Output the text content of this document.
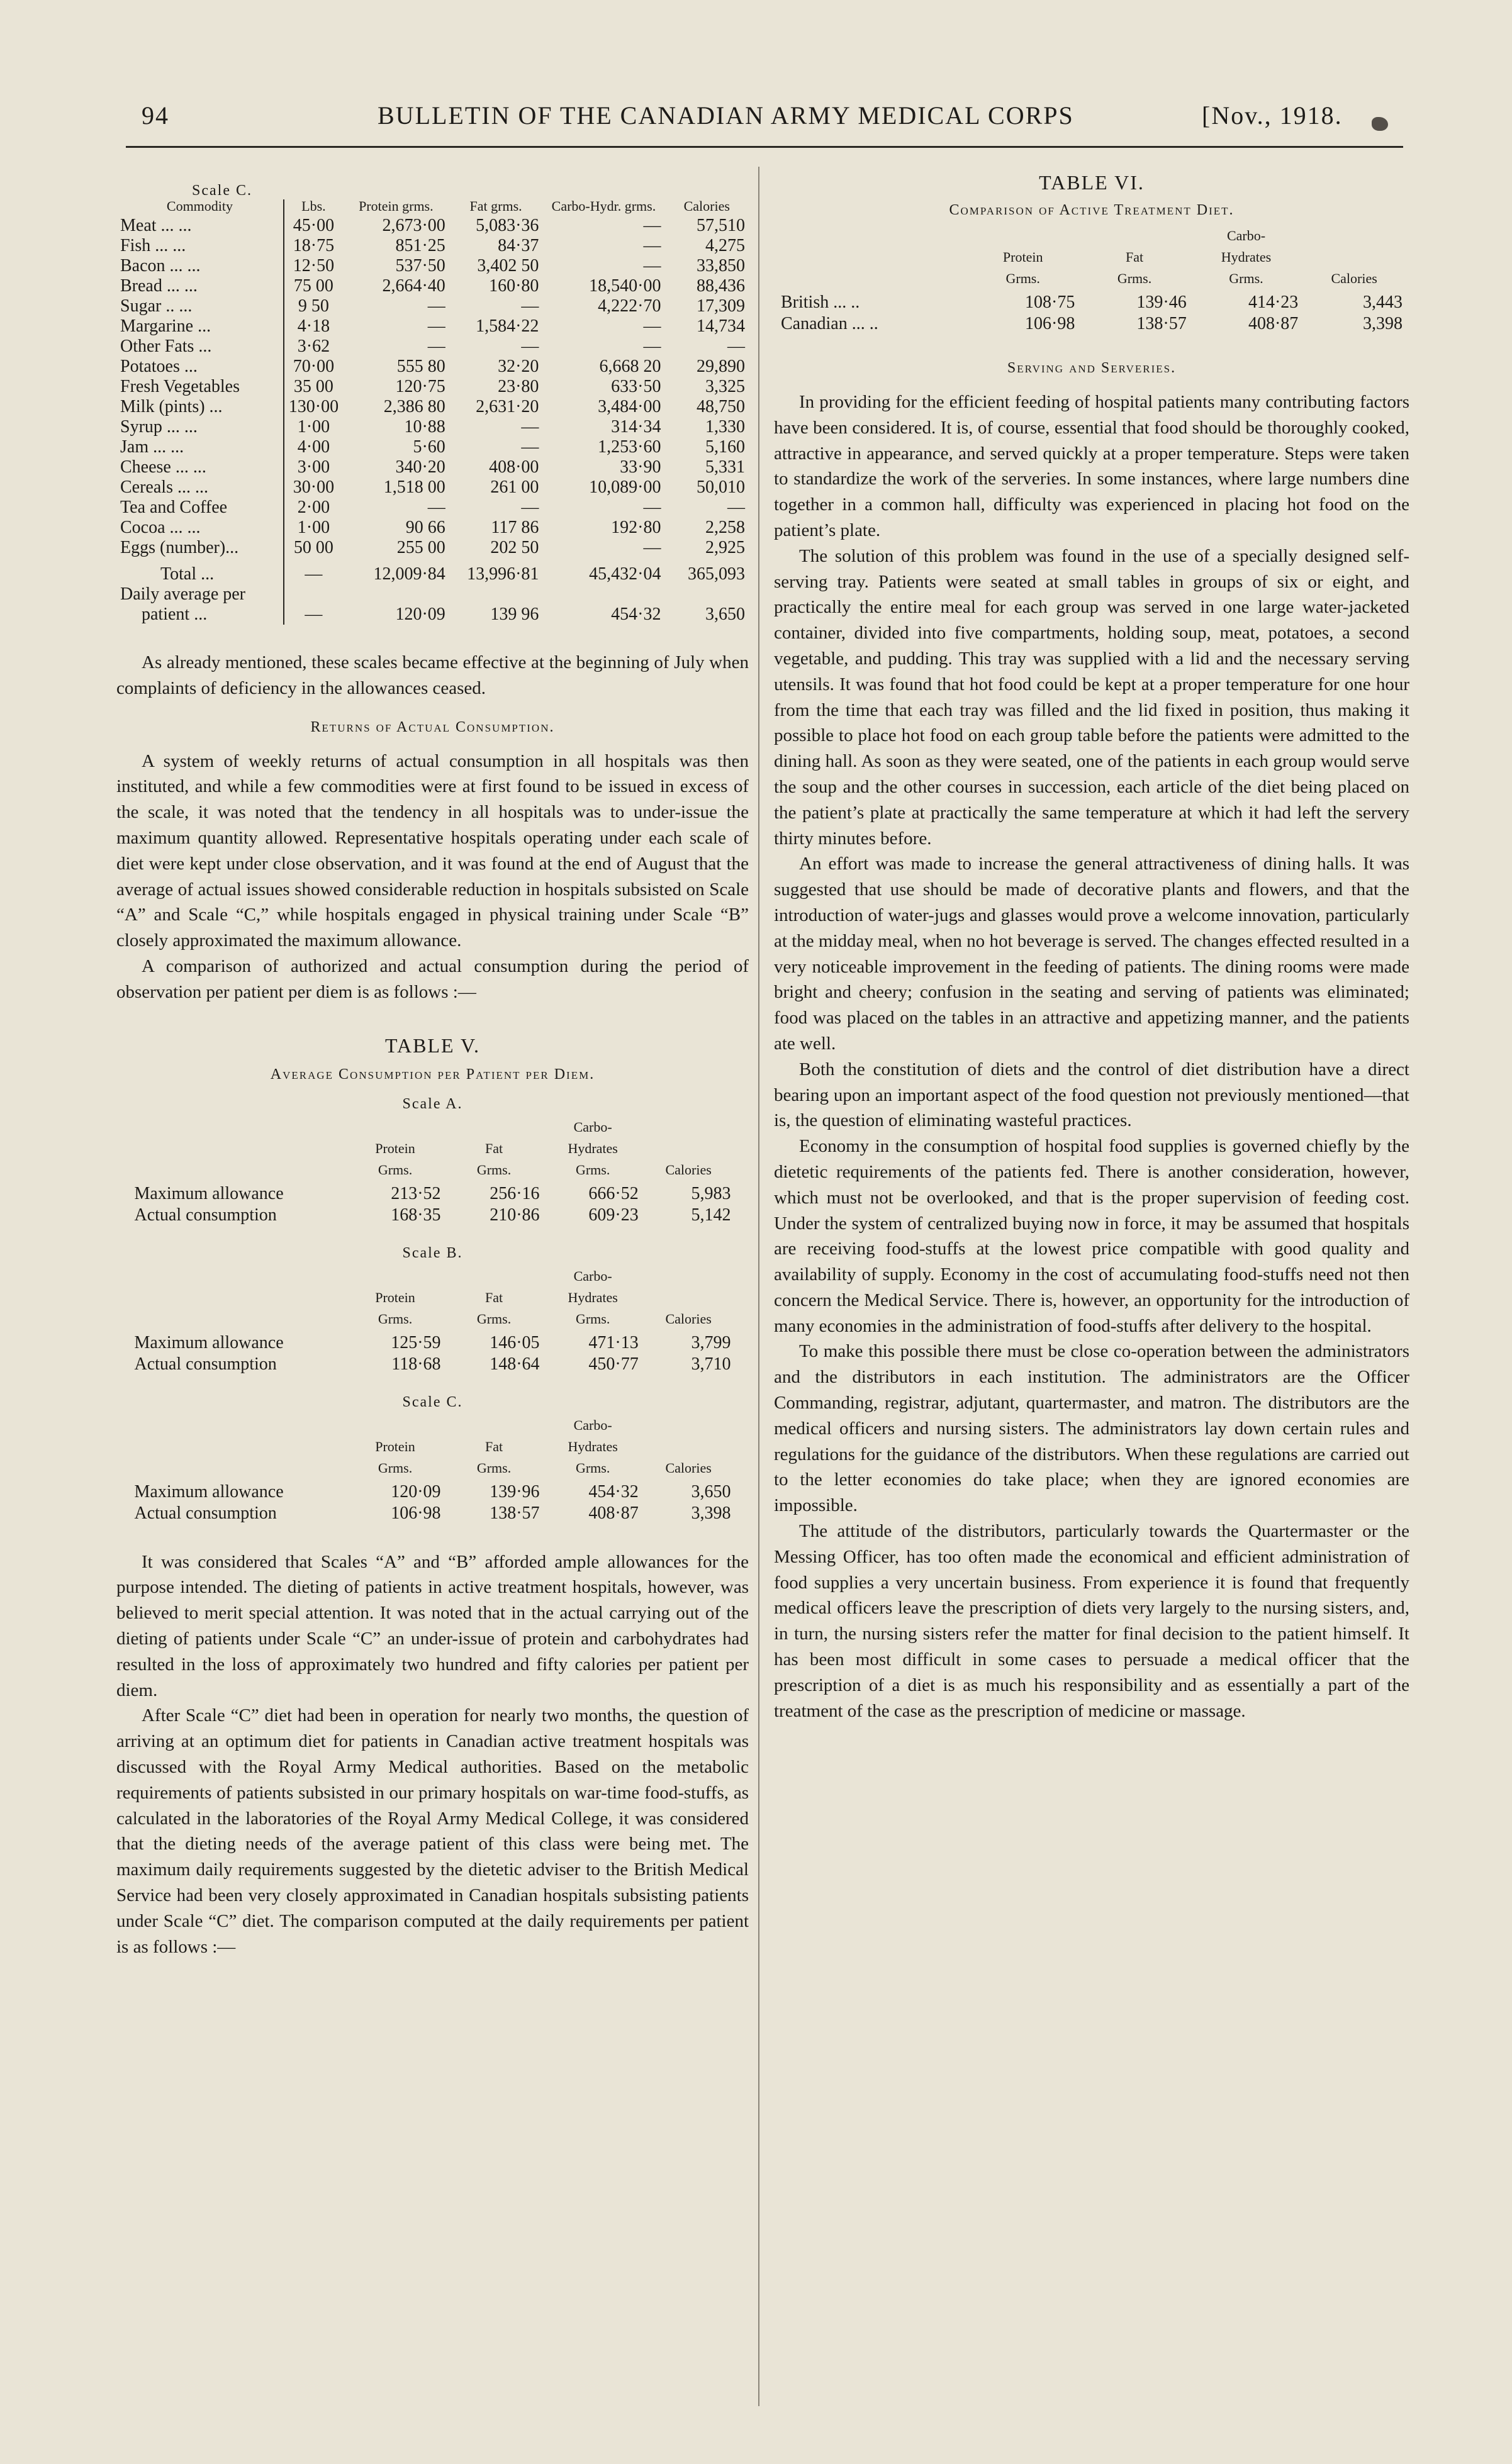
94	BULLETIN OF THE CANADIAN ARMY MEDICAL CORPS	[Nov., 1918.
Scale C.
Commodity	Lbs.	Protein grms.	Fat grms.	Carbo-Hydr. grms.	Calories
Meat ... ...	45·00	2,673·00	5,083·36	—	57,510
Fish ... ...	18·75	851·25	84·37	—	4,275
Bacon ... ...	12·50	537·50	3,402 50	—	33,850
Bread ... ...	75 00	2,664·40	160·80	18,540·00	88,436
Sugar .. ...	9 50	—	—	4,222·70	17,309
Margarine ...	4·18	—	1,584·22	—	14,734
Other Fats ...	3·62	—	—	—	—
Potatoes ...	70·00	555 80	32·20	6,668 20	29,890
Fresh Vegetables	35 00	120·75	23·80	633·50	3,325
Milk (pints) ...	130·00	2,386 80	2,631·20	3,484·00	48,750
Syrup ... ...	1·00	10·88	—	314·34	1,330
Jam ... ...	4·00	5·60	—	1,253·60	5,160
Cheese ... ...	3·00	340·20	408·00	33·90	5,331
Cereals ... ...	30·00	1,518 00	261 00	10,089·00	50,010
Tea and Coffee	2·00	—	—	—	—
Cocoa ... ...	1·00	90 66	117 86	192·80	2,258
Eggs (number)...	50 00	255 00	202 50	—	2,925
Total ...	—	12,009·84	13,996·81	45,432·04	365,093
Daily average per					
patient ...	—	120·09	139 96	454·32	3,650

As already mentioned, these scales became effective at the beginning of July when complaints of deficiency in the allowances ceased.

Returns of Actual Consumption.

A system of weekly returns of actual consumption in all hospitals was then instituted, and while a few commodities were at first found to be issued in excess of the scale, it was noted that the tendency in all hospitals was to under-issue the maximum quantity allowed. Representative hospitals operating under each scale of diet were kept under close observation, and it was found at the end of August that the average of actual issues showed considerable reduction in hospitals subsisted on Scale “A” and Scale “C,” while hospitals engaged in physical training under Scale “B” closely approximated the maximum allowance.

A comparison of authorized and actual consumption during the period of observation per patient per diem is as follows :—

TABLE V.
Average Consumption per Patient per Diem.
Scale A.
	Protein
Grms.	Fat
Grms.	Carbo-
Hydrates
Grms.	Calories
Maximum allowance	213·52	256·16	666·52	5,983
Actual consumption	168·35	210·86	609·23	5,142
Scale B.
	Protein
Grms.	Fat
Grms.	Carbo-
Hydrates
Grms.	Calories
Maximum allowance	125·59	146·05	471·13	3,799
Actual consumption	118·68	148·64	450·77	3,710
Scale C.
	Protein
Grms.	Fat
Grms.	Carbo-
Hydrates
Grms.	Calories
Maximum allowance	120·09	139·96	454·32	3,650
Actual consumption	106·98	138·57	408·87	3,398

It was considered that Scales “A” and “B” afforded ample allowances for the purpose intended. The dieting of patients in active treatment hospitals, however, was believed to merit special attention. It was noted that in the actual carrying out of the dieting of patients under Scale “C” an under-issue of protein and carbohydrates had resulted in the loss of approximately two hundred and fifty calories per patient per diem.

After Scale “C” diet had been in operation for nearly two months, the question of arriving at an optimum diet for patients in Canadian active treatment hospitals was discussed with the Royal Army Medical authorities. Based on the metabolic requirements of patients subsisted in our primary hospitals on war-time food-stuffs, as calculated in the laboratories of the Royal Army Medical College, it was considered that the dieting needs of the average patient of this class were being met. The maximum daily requirements suggested by the dietetic adviser to the British Medical Service had been very closely approximated in Canadian hospitals subsisting patients under Scale “C” diet. The comparison computed at the daily requirements per patient is as follows :—

TABLE VI.
Comparison of Active Treatment Diet.
	Protein
Grms.	Fat
Grms.	Carbo-
Hydrates
Grms.	Calories
British ... ..	108·75	139·46	414·23	3,443
Canadian ... ..	106·98	138·57	408·87	3,398
Serving and Serveries.

In providing for the efficient feeding of hospital patients many contributing factors have been considered. It is, of course, essential that food should be thoroughly cooked, attractive in appearance, and served quickly at a proper temperature. Steps were taken to standardize the work of the serveries. In some instances, where large numbers dine together in a common hall, difficulty was experienced in placing hot food on the patient’s plate.

The solution of this problem was found in the use of a specially designed self-serving tray. Patients were seated at small tables in groups of six or eight, and practically the entire meal for each group was served in one large water-jacketed container, divided into five compartments, holding soup, meat, potatoes, a second vegetable, and pudding. This tray was supplied with a lid and the necessary serving utensils. It was found that hot food could be kept at a proper temperature for one hour from the time that each tray was filled and the lid fixed in position, thus making it possible to place hot food on each group table before the patients were admitted to the dining hall. As soon as they were seated, one of the patients in each group would serve the soup and the other courses in succession, each article of the diet being placed on the patient’s plate at practically the same temperature at which it had left the servery thirty minutes before.

An effort was made to increase the general attractiveness of dining halls. It was suggested that use should be made of decorative plants and flowers, and that the introduction of water-jugs and glasses would prove a welcome innovation, particularly at the midday meal, when no hot beverage is served. The changes effected resulted in a very noticeable improvement in the feeding of patients. The dining rooms were made bright and cheery; confusion in the seating and serving of patients was eliminated; food was placed on the tables in an attractive and appetizing manner, and the patients ate well.

Both the constitution of diets and the control of diet distribution have a direct bearing upon an important aspect of the food question not previously mentioned—that is, the question of eliminating wasteful practices.

Economy in the consumption of hospital food supplies is governed chiefly by the dietetic requirements of the patients fed. There is another consideration, however, which must not be overlooked, and that is the proper supervision of feeding cost. Under the system of centralized buying now in force, it may be assumed that hospitals are receiving food-stuffs at the lowest price compatible with good quality and availability of supply. Economy in the cost of accumulating food-stuffs need not then concern the Medical Service. There is, however, an opportunity for the introduction of many economies in the administration of food-stuffs after delivery to the hospital.

To make this possible there must be close co-operation between the administrators and the distributors in each institution. The administrators are the Officer Commanding, registrar, adjutant, quartermaster, and matron. The distributors are the medical officers and nursing sisters. The administrators lay down certain rules and regulations for the guidance of the distributors. When these regulations are carried out to the letter economies do take place; when they are ignored economies are impossible.

The attitude of the distributors, particularly towards the Quartermaster or the Messing Officer, has too often made the economical and efficient administration of food supplies a very uncertain business. From experience it is found that frequently medical officers leave the prescription of diets very largely to the nursing sisters, and, in turn, the nursing sisters refer the matter for final decision to the patient himself. It has been most difficult in some cases to persuade a medical officer that the prescription of a diet is as much his responsibility and as essentially a part of the treatment of the case as the prescription of medicine or massage.
